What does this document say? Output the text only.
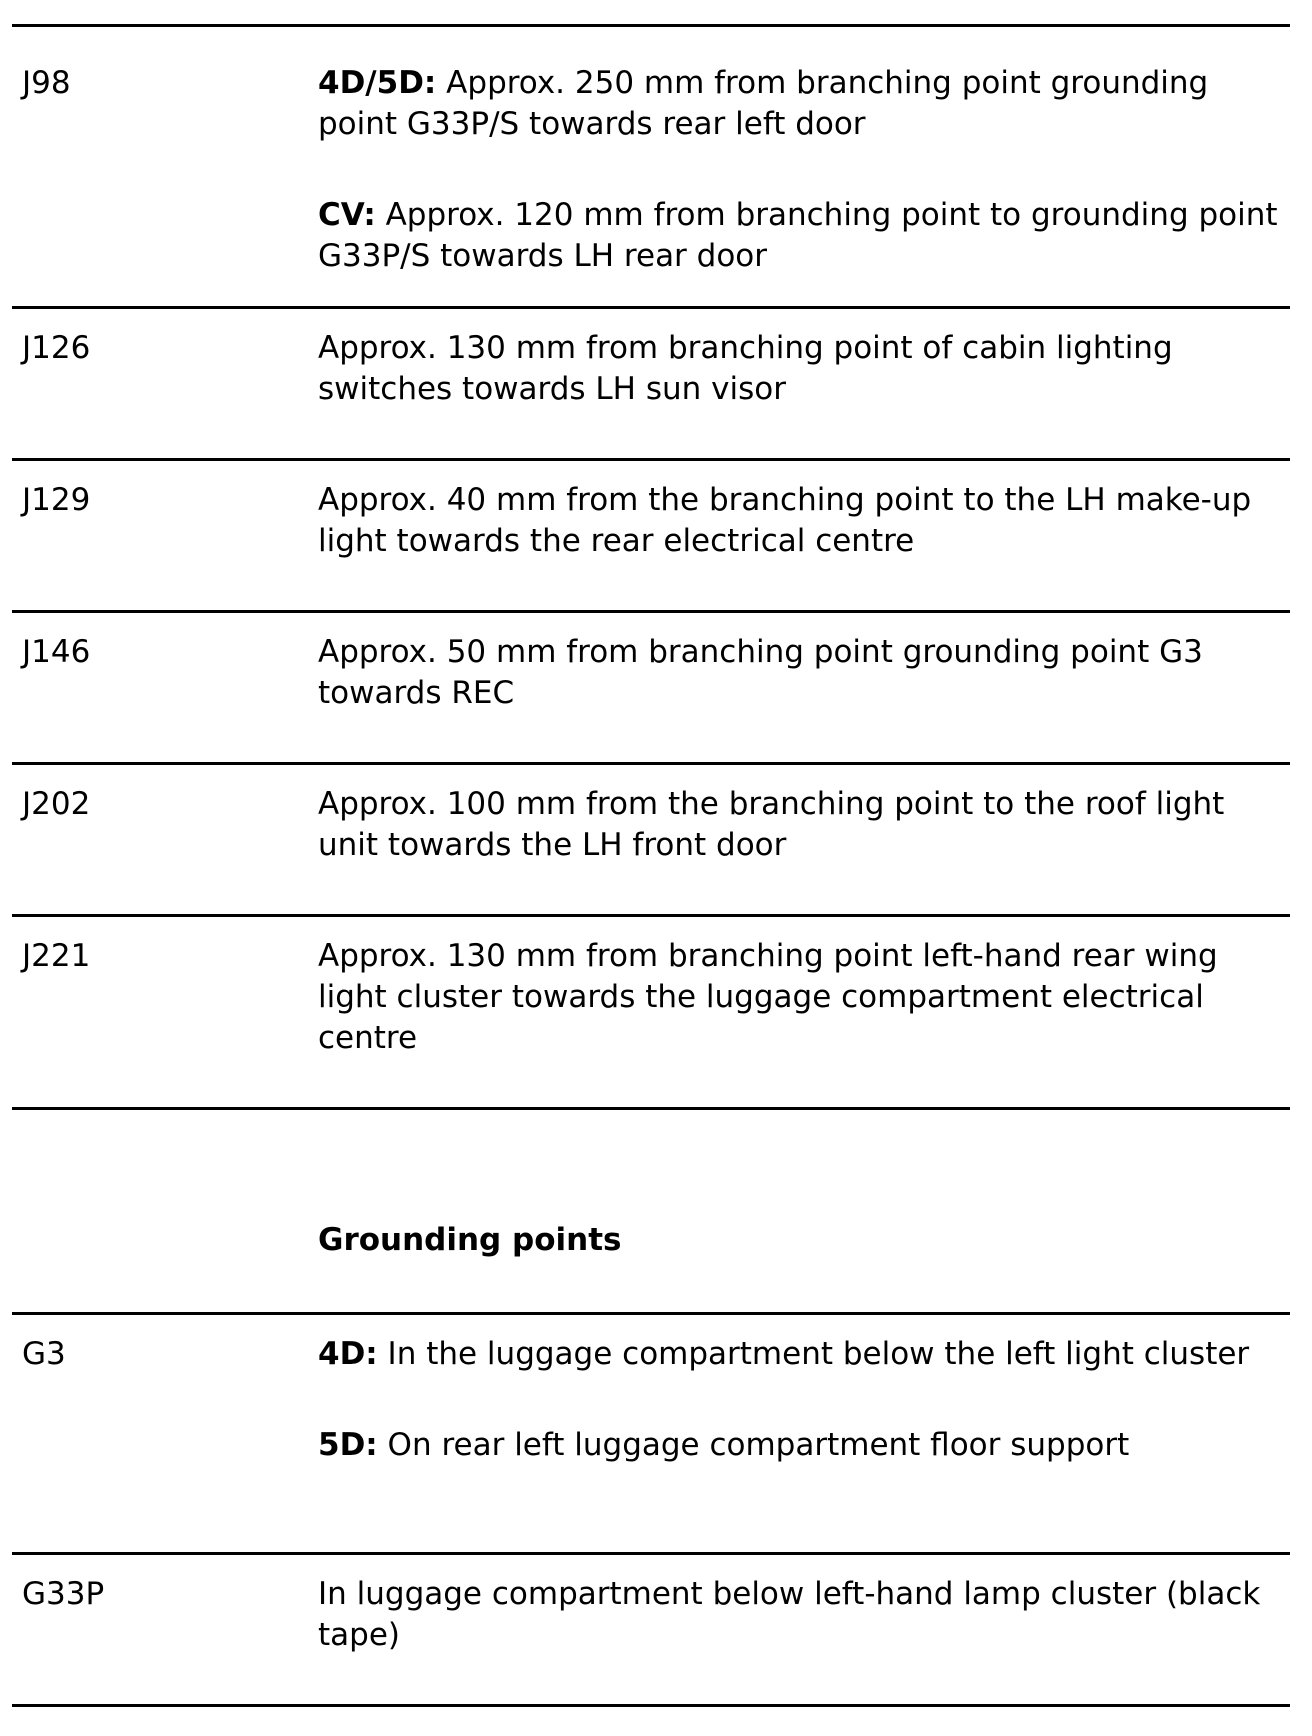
J98	4D/5D: Approx. 250 mm from branching point grounding point G33P/S towards rear left door

CV: Approx. 120 mm from branching point to grounding point G33P/S towards LH rear door

J126	Approx. 130 mm from branching point of cabin lighting switches towards LH sun visor

J129	Approx. 40 mm from the branching point to the LH make-up light towards the rear electrical centre

J146	Approx. 50 mm from branching point grounding point G3 towards REC

J202	Approx. 100 mm from the branching point to the roof light unit towards the LH front door

J221	Approx. 130 mm from branching point left-hand rear wing light cluster towards the luggage compartment electrical centre

Grounding points
G3	4D: In the luggage compartment below the left light cluster

5D: On rear left luggage compartment floor support

G33P	In luggage compartment below left-hand lamp cluster (black tape)
